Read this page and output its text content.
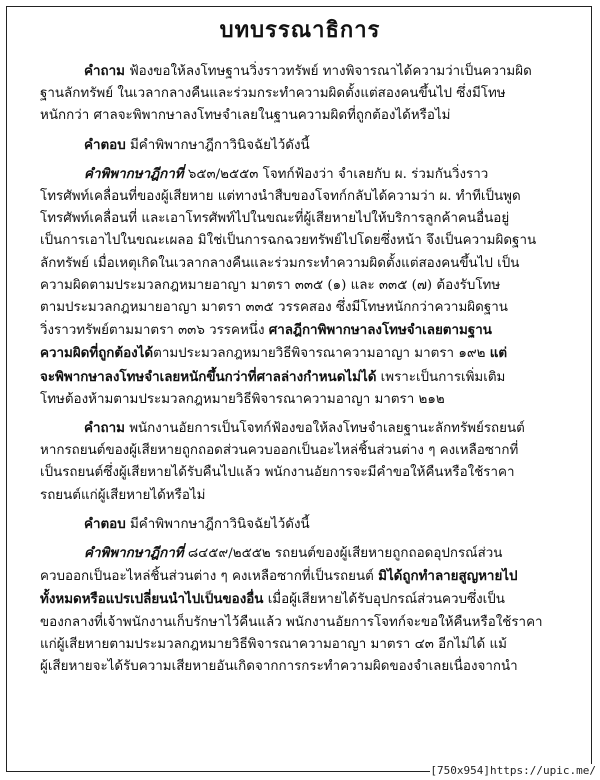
บทบรรณาธิการ
คำถาม ฟ้องขอให้ลงโทษฐานวิ่งราวทรัพย์ ทางพิจารณาได้ความว่าเป็นความผิด
ฐานลักทรัพย์ ในเวลากลางคืนและร่วมกระทำความผิดตั้งแต่สองคนขึ้นไป ซึ่งมีโทษ
หนักกว่า ศาลจะพิพากษาลงโทษจำเลยในฐานความผิดที่ถูกต้องได้หรือไม่
คำตอบ มีคำพิพากษาฎีกาวินิจฉัยไว้ดังนี้
คำพิพากษาฎีกาที่ ๖๕๓/๒๕๕๓ โจทก์ฟ้องว่า จำเลยกับ ผ. ร่วมกันวิ่งราว
โทรศัพท์เคลื่อนที่ของผู้เสียหาย แต่ทางนำสืบของโจทก์กลับได้ความว่า ผ. ทำทีเป็นพูด
โทรศัพท์เคลื่อนที่ และเอาโทรศัพท์ไปในขณะที่ผู้เสียหายไปให้บริการลูกค้าคนอื่นอยู่
เป็นการเอาไปในขณะเผลอ มิใช่เป็นการฉกฉวยทรัพย์ไปโดยซึ่งหน้า จึงเป็นความผิดฐาน
ลักทรัพย์ เมื่อเหตุเกิดในเวลากลางคืนและร่วมกระทำความผิดตั้งแต่สองคนขึ้นไป เป็น
ความผิดตามประมวลกฎหมายอาญา มาตรา ๓๓๕ (๑) และ ๓๓๕ (๗) ต้องรับโทษ
ตามประมวลกฎหมายอาญา มาตรา ๓๓๕ วรรคสอง ซึ่งมีโทษหนักกว่าความผิดฐาน
วิ่งราวทรัพย์ตามมาตรา ๓๓๖ วรรคหนึ่ง ศาลฎีกาพิพากษาลงโทษจำเลยตามฐาน
ความผิดที่ถูกต้องได้ตามประมวลกฎหมายวิธีพิจารณาความอาญา มาตรา ๑๙๒ แต่
จะพิพากษาลงโทษจำเลยหนักขึ้นกว่าที่ศาลล่างกำหนดไม่ได้ เพราะเป็นการเพิ่มเติม
โทษต้องห้ามตามประมวลกฎหมายวิธีพิจารณาความอาญา มาตรา ๒๑๒
คำถาม พนักงานอัยการเป็นโจทก์ฟ้องขอให้ลงโทษจำเลยฐานะลักทรัพย์รถยนต์
หากรถยนต์ของผู้เสียหายถูกถอดส่วนควบออกเป็นอะไหล่ชิ้นส่วนต่าง ๆ คงเหลือซากที่
เป็นรถยนต์ซึ่งผู้เสียหายได้รับคืนไปแล้ว พนักงานอัยการจะมีคำขอให้คืนหรือใช้ราคา
รถยนต์แก่ผู้เสียหายได้หรือไม่
คำตอบ มีคำพิพากษาฎีกาวินิจฉัยไว้ดังนี้
คำพิพากษาฎีกาที่ ๘๔๕๙/๒๕๕๒ รถยนต์ของผู้เสียหายถูกถอดอุปกรณ์ส่วน
ควบออกเป็นอะไหล่ชิ้นส่วนต่าง ๆ คงเหลือซากที่เป็นรถยนต์ มิได้ถูกทำลายสูญหายไป
ทั้งหมดหรือแปรเปลี่ยนนำไปเป็นของอื่น เมื่อผู้เสียหายได้รับอุปกรณ์ส่วนควบซึ่งเป็น
ของกลางที่เจ้าพนักงานเก็บรักษาไว้คืนแล้ว พนักงานอัยการโจทก์จะขอให้คืนหรือใช้ราคา
แก่ผู้เสียหายตามประมวลกฎหมายวิธีพิจารณาความอาญา มาตรา ๔๓ อีกไม่ได้ แม้
ผู้เสียหายจะได้รับความเสียหายอันเกิดจากการกระทำความผิดของจำเลยเนื่องจากนำ
[750x954]https://upic.me/
